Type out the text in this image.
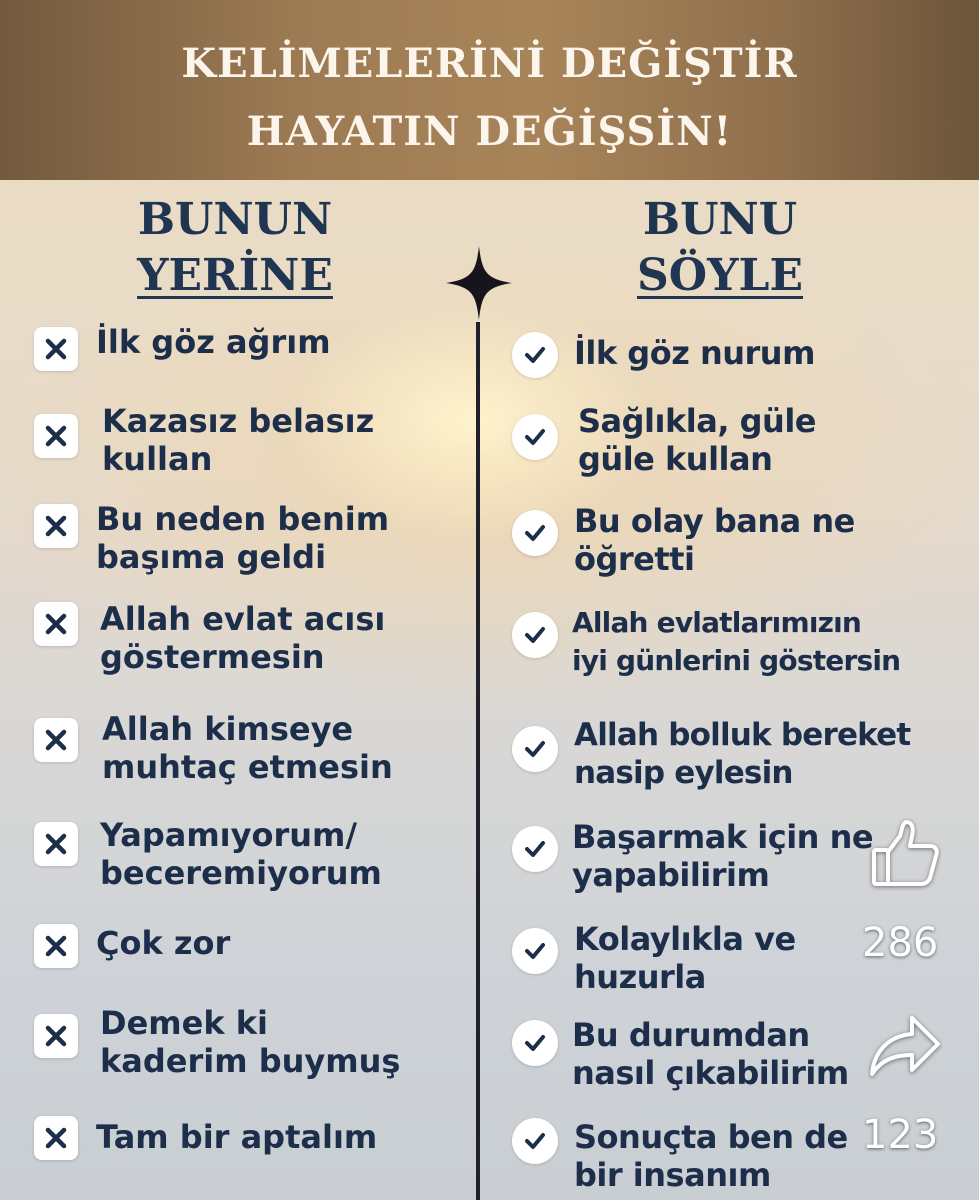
KELİMELERİNİ DEĞİŞTİR
HAYATIN DEĞİŞSİN!
BUNUN
YERİNE
BUNU
SÖYLE
İlk göz ağrım
Kazasız belasız
kullan
Bu neden benim
başıma geldi
Allah evlat acısı
göstermesin
Allah kimseye
muhtaç etmesin
Yapamıyorum/
beceremiyorum
Çok zor
Demek ki
kaderim buymuş
Tam bir aptalım
İlk göz nurum
Sağlıkla, güle
güle kullan
Bu olay bana ne
öğretti
Allah evlatlarımızın
iyi günlerini göstersin
Allah bolluk bereket
nasip eylesin
Başarmak için ne
yapabilirim
Kolaylıkla ve
huzurla
Bu durumdan
nasıl çıkabilirim
Sonuçta ben de
bir insanım
286
123
